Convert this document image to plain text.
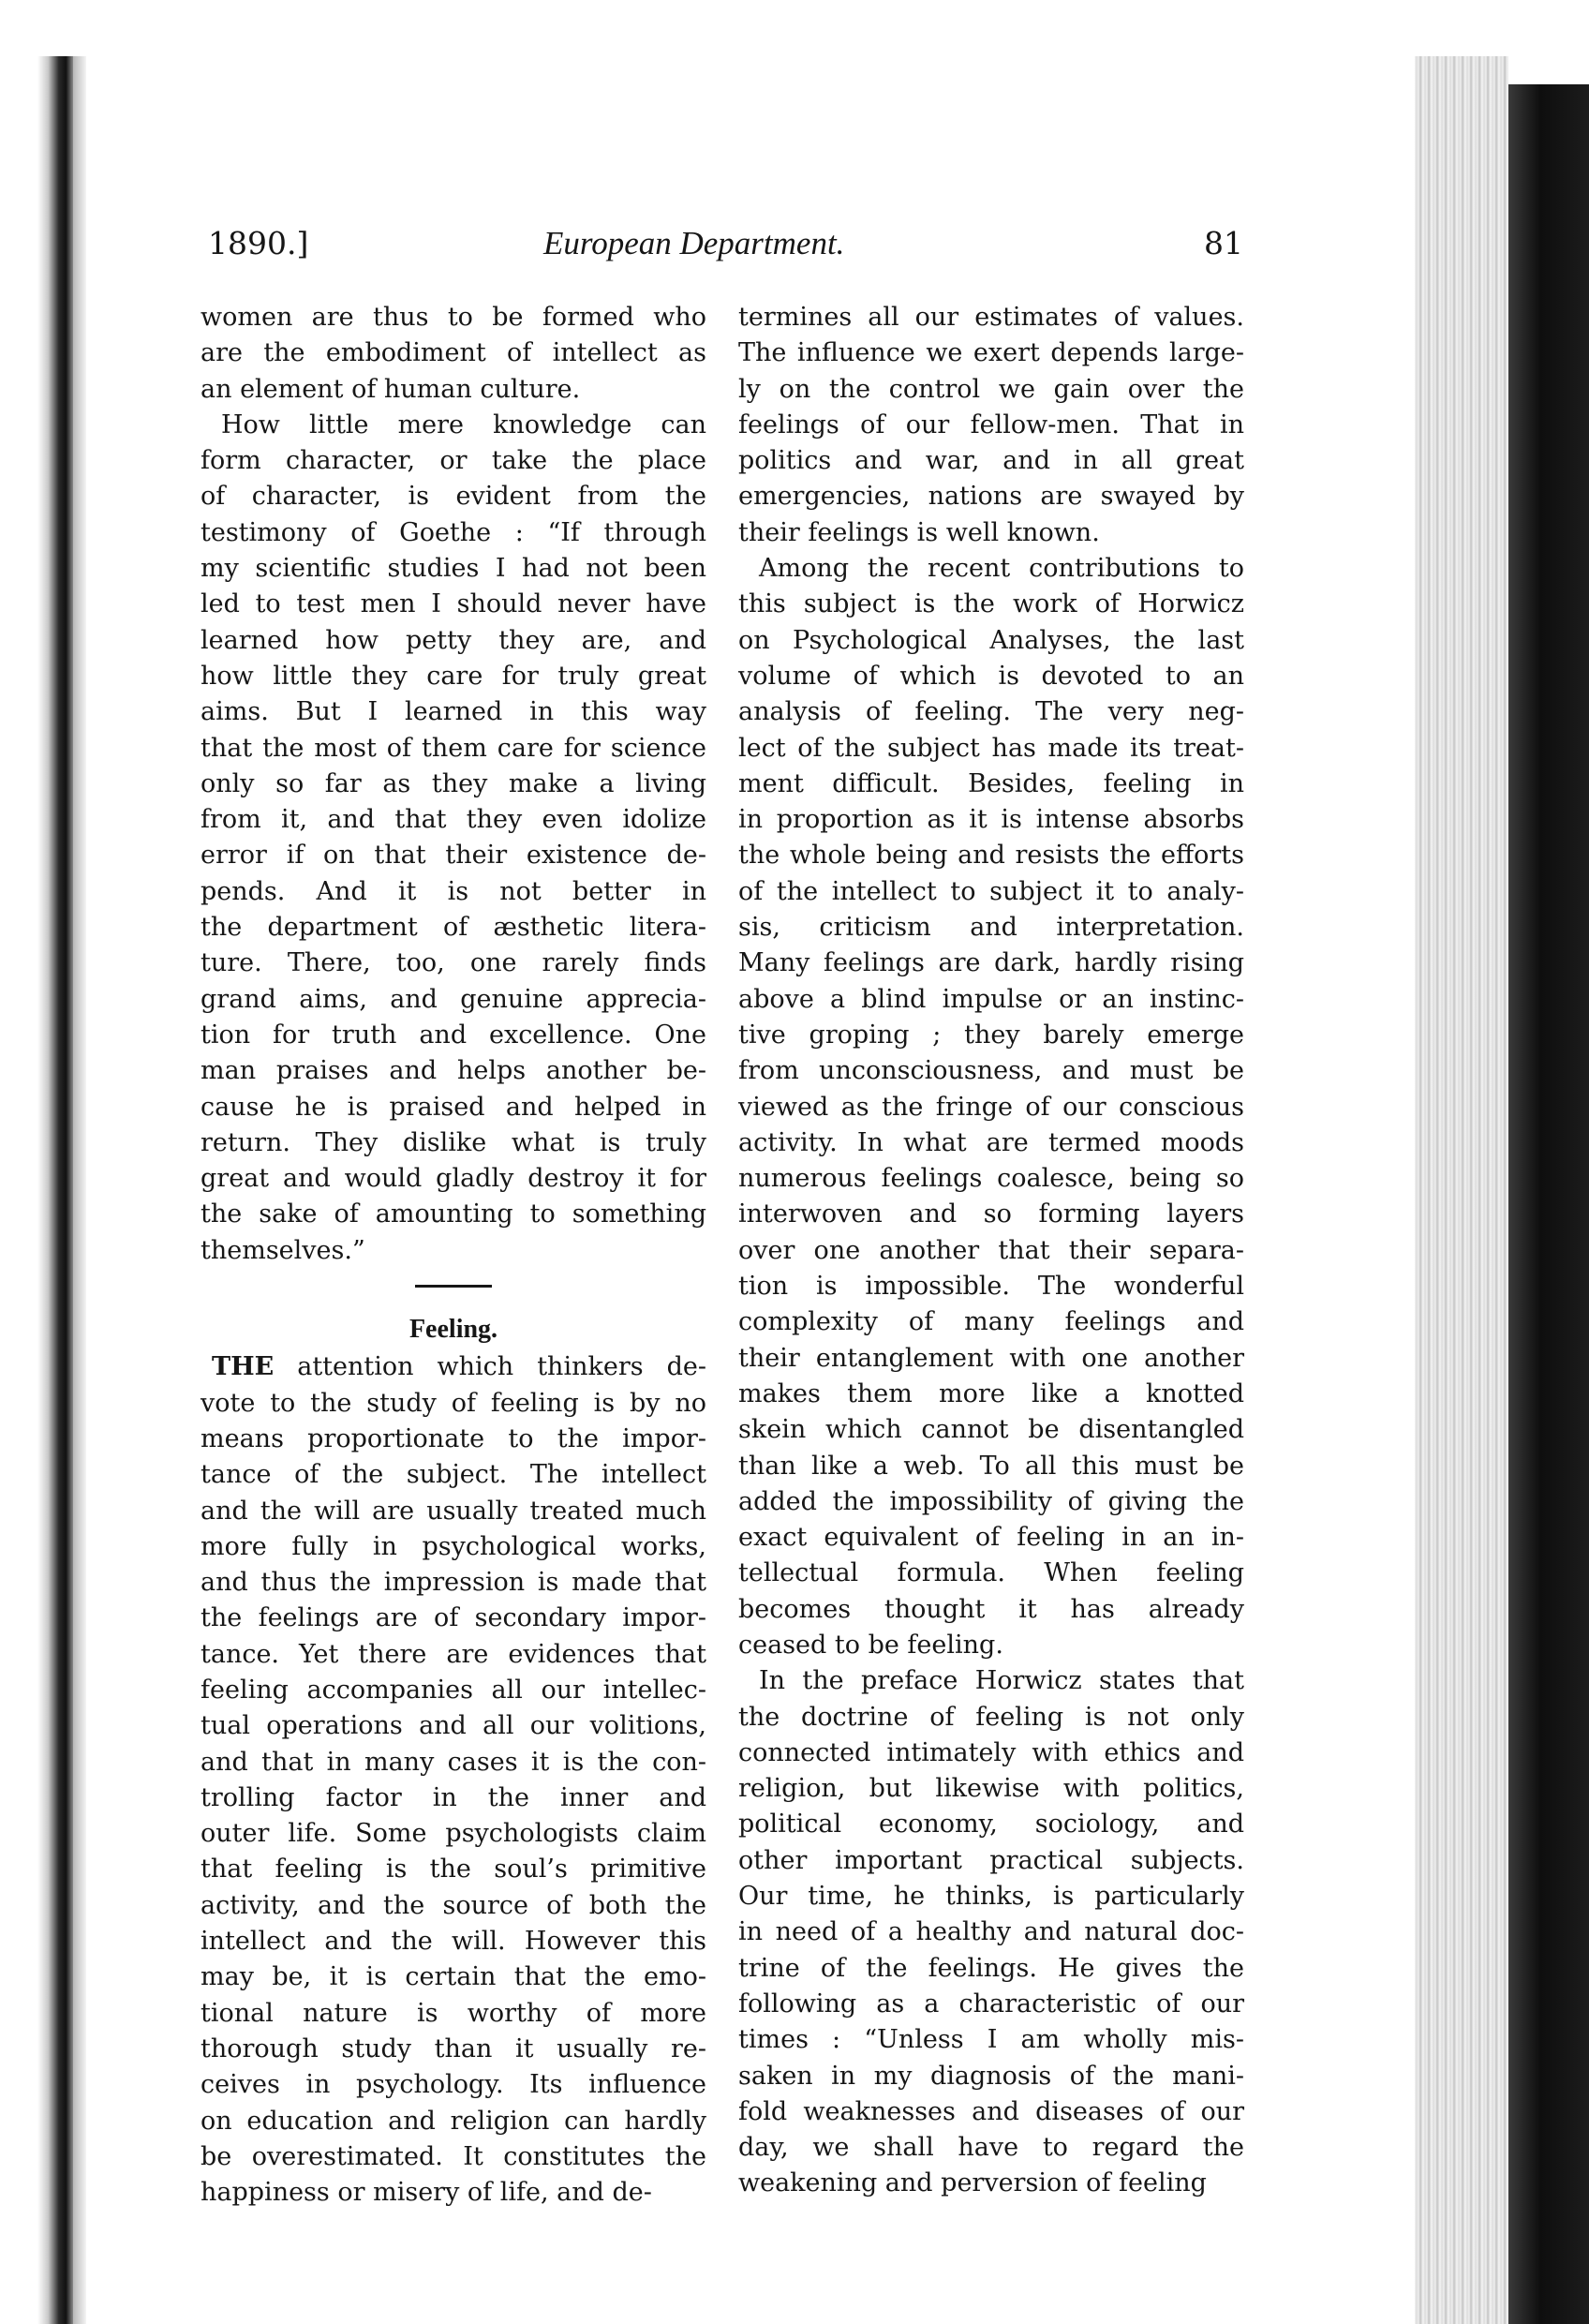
1890.]	European Department.	81
women are thus to be formed who
are the embodiment of intellect as
an element of human culture.
How little mere knowledge can
form character, or take the place
of character, is evident from the
testimony of Goethe : “If through
my scientific studies I had not been
led to test men I should never have
learned how petty they are, and
how little they care for truly great
aims. But I learned in this way
that the most of them care for science
only so far as they make a living
from it, and that they even idolize
error if on that their existence de-
pends. And it is not better in
the department of æsthetic litera-
ture. There, too, one rarely finds
grand aims, and genuine apprecia-
tion for truth and excellence. One
man praises and helps another be-
cause he is praised and helped in
return. They dislike what is truly
great and would gladly destroy it for
the sake of amounting to something
themselves.”
Feeling.
THE attention which thinkers de-
vote to the study of feeling is by no
means proportionate to the impor-
tance of the subject. The intellect
and the will are usually treated much
more fully in psychological works,
and thus the impression is made that
the feelings are of secondary impor-
tance. Yet there are evidences that
feeling accompanies all our intellec-
tual operations and all our volitions,
and that in many cases it is the con-
trolling factor in the inner and
outer life. Some psychologists claim
that feeling is the soul’s primitive
activity, and the source of both the
intellect and the will. However this
may be, it is certain that the emo-
tional nature is worthy of more
thorough study than it usually re-
ceives in psychology. Its influence
on education and religion can hardly
be overestimated. It constitutes the
happiness or misery of life, and de-
termines all our estimates of values.
The influence we exert depends large-
ly on the control we gain over the
feelings of our fellow-men. That in
politics and war, and in all great
emergencies, nations are swayed by
their feelings is well known.
Among the recent contributions to
this subject is the work of Horwicz
on Psychological Analyses, the last
volume of which is devoted to an
analysis of feeling. The very neg-
lect of the subject has made its treat-
ment difficult. Besides, feeling in
in proportion as it is intense absorbs
the whole being and resists the efforts
of the intellect to subject it to analy-
sis, criticism and interpretation.
Many feelings are dark, hardly rising
above a blind impulse or an instinc-
tive groping ; they barely emerge
from unconsciousness, and must be
viewed as the fringe of our conscious
activity. In what are termed moods
numerous feelings coalesce, being so
interwoven and so forming layers
over one another that their separa-
tion is impossible. The wonderful
complexity of many feelings and
their entanglement with one another
makes them more like a knotted
skein which cannot be disentangled
than like a web. To all this must be
added the impossibility of giving the
exact equivalent of feeling in an in-
tellectual formula. When feeling
becomes thought it has already
ceased to be feeling.
In the preface Horwicz states that
the doctrine of feeling is not only
connected intimately with ethics and
religion, but likewise with politics,
political economy, sociology, and
other important practical subjects.
Our time, he thinks, is particularly
in need of a healthy and natural doc-
trine of the feelings. He gives the
following as a characteristic of our
times : “Unless I am wholly mis-
saken in my diagnosis of the mani-
fold weaknesses and diseases of our
day, we shall have to regard the
weakening and perversion of feeling
